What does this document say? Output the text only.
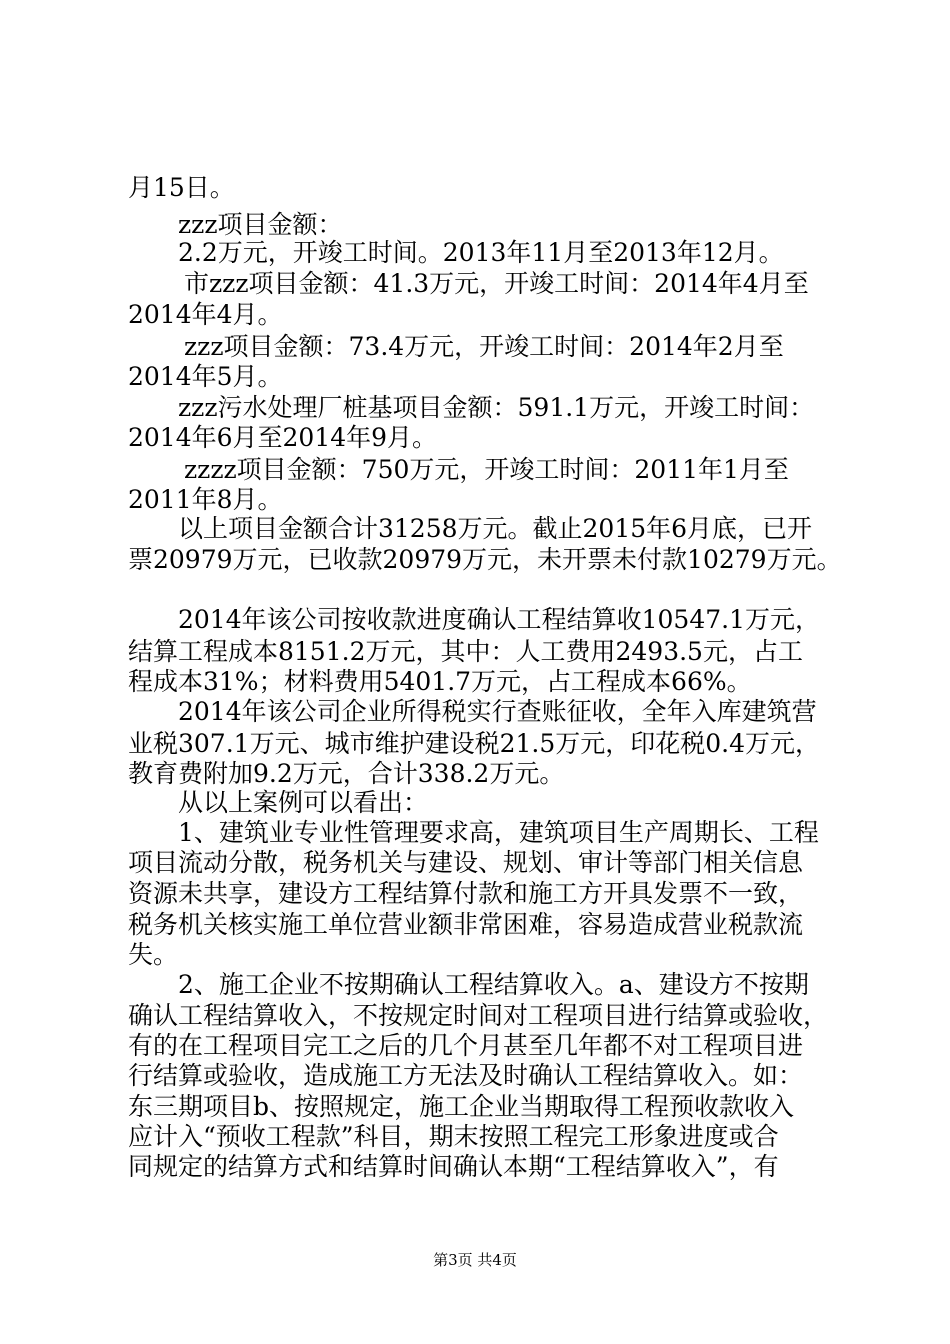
月15日。
zzz项目金额：
2.2万元，开竣工时间。2013年11月至2013年12月。
市zzz项目金额：41.3万元，开竣工时间：2014年4月至
2014年4月。
zzz项目金额：73.4万元，开竣工时间：2014年2月至
2014年5月。
zzz污水处理厂桩基项目金额：591.1万元，开竣工时间：
2014年6月至2014年9月。
zzzz项目金额：750万元，开竣工时间：2011年1月至
2011年8月。
以上项目金额合计31258万元。截止2015年6月底，已开
票20979万元，已收款20979万元，未开票未付款10279万元。
2014年该公司按收款进度确认工程结算收10547.1万元，
结算工程成本8151.2万元，其中：人工费用2493.5元，占工
程成本31%；材料费用5401.7万元，占工程成本66%。
2014年该公司企业所得税实行查账征收，全年入库建筑营
业税307.1万元、城市维护建设税21.5万元，印花税0.4万元，
教育费附加9.2万元，合计338.2万元。
从以上案例可以看出：
1、建筑业专业性管理要求高，建筑项目生产周期长、工程
项目流动分散，税务机关与建设、规划、审计等部门相关信息
资源未共享，建设方工程结算付款和施工方开具发票不一致，
税务机关核实施工单位营业额非常困难，容易造成营业税款流
失。
2、施工企业不按期确认工程结算收入。a、建设方不按期
确认工程结算收入，不按规定时间对工程项目进行结算或验收，
有的在工程项目完工之后的几个月甚至几年都不对工程项目进
行结算或验收，造成施工方无法及时确认工程结算收入。如：
东三期项目b、按照规定，施工企业当期取得工程预收款收入
应计入“预收工程款”科目，期末按照工程完工形象进度或合
同规定的结算方式和结算时间确认本期“工程结算收入”，有
第3页 共4页
